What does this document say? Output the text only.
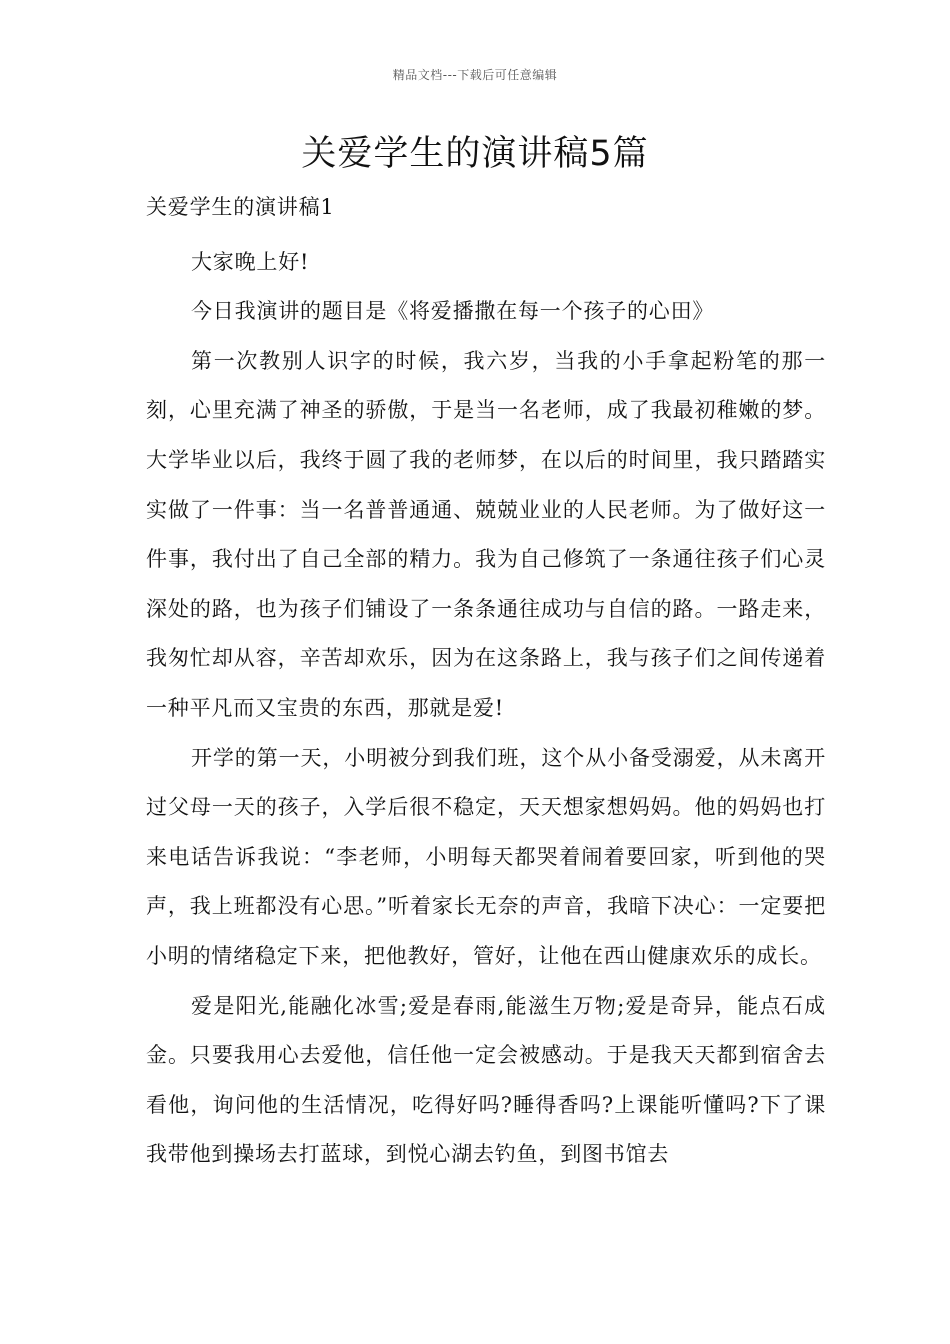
精品文档---下载后可任意编辑
关爱学生的演讲稿5篇

关爱学生的演讲稿1

大家晚上好!

今日我演讲的题目是《将爱播撒在每一个孩子的心田》

第一次教别人识字的时候，我六岁，当我的小手拿起粉笔的那一刻，心里充满了神圣的骄傲，于是当一名老师，成了我最初稚嫩的梦。大学毕业以后，我终于圆了我的老师梦，在以后的时间里，我只踏踏实实做了一件事：当一名普普通通、兢兢业业的人民老师。为了做好这一件事，我付出了自己全部的精力。我为自己修筑了一条通往孩子们心灵深处的路，也为孩子们铺设了一条条通往成功与自信的路。一路走来，我匆忙却从容，辛苦却欢乐，因为在这条路上，我与孩子们之间传递着一种平凡而又宝贵的东西，那就是爱!

开学的第一天，小明被分到我们班，这个从小备受溺爱，从未离开过父母一天的孩子，入学后很不稳定，天天想家想妈妈。他的妈妈也打来电话告诉我说：“李老师，小明每天都哭着闹着要回家，听到他的哭声，我上班都没有心思。”听着家长无奈的声音，我暗下决心：一定要把小明的情绪稳定下来，把他教好，管好，让他在西山健康欢乐的成长。

爱是阳光,能融化冰雪;爱是春雨,能滋生万物;爱是奇异，能点石成金。只要我用心去爱他，信任他一定会被感动。于是我天天都到宿舍去看他，询问他的生活情况，吃得好吗?睡得香吗?上课能听懂吗?下了课我带他到操场去打蓝球，到悦心湖去钓鱼，到图书馆去
